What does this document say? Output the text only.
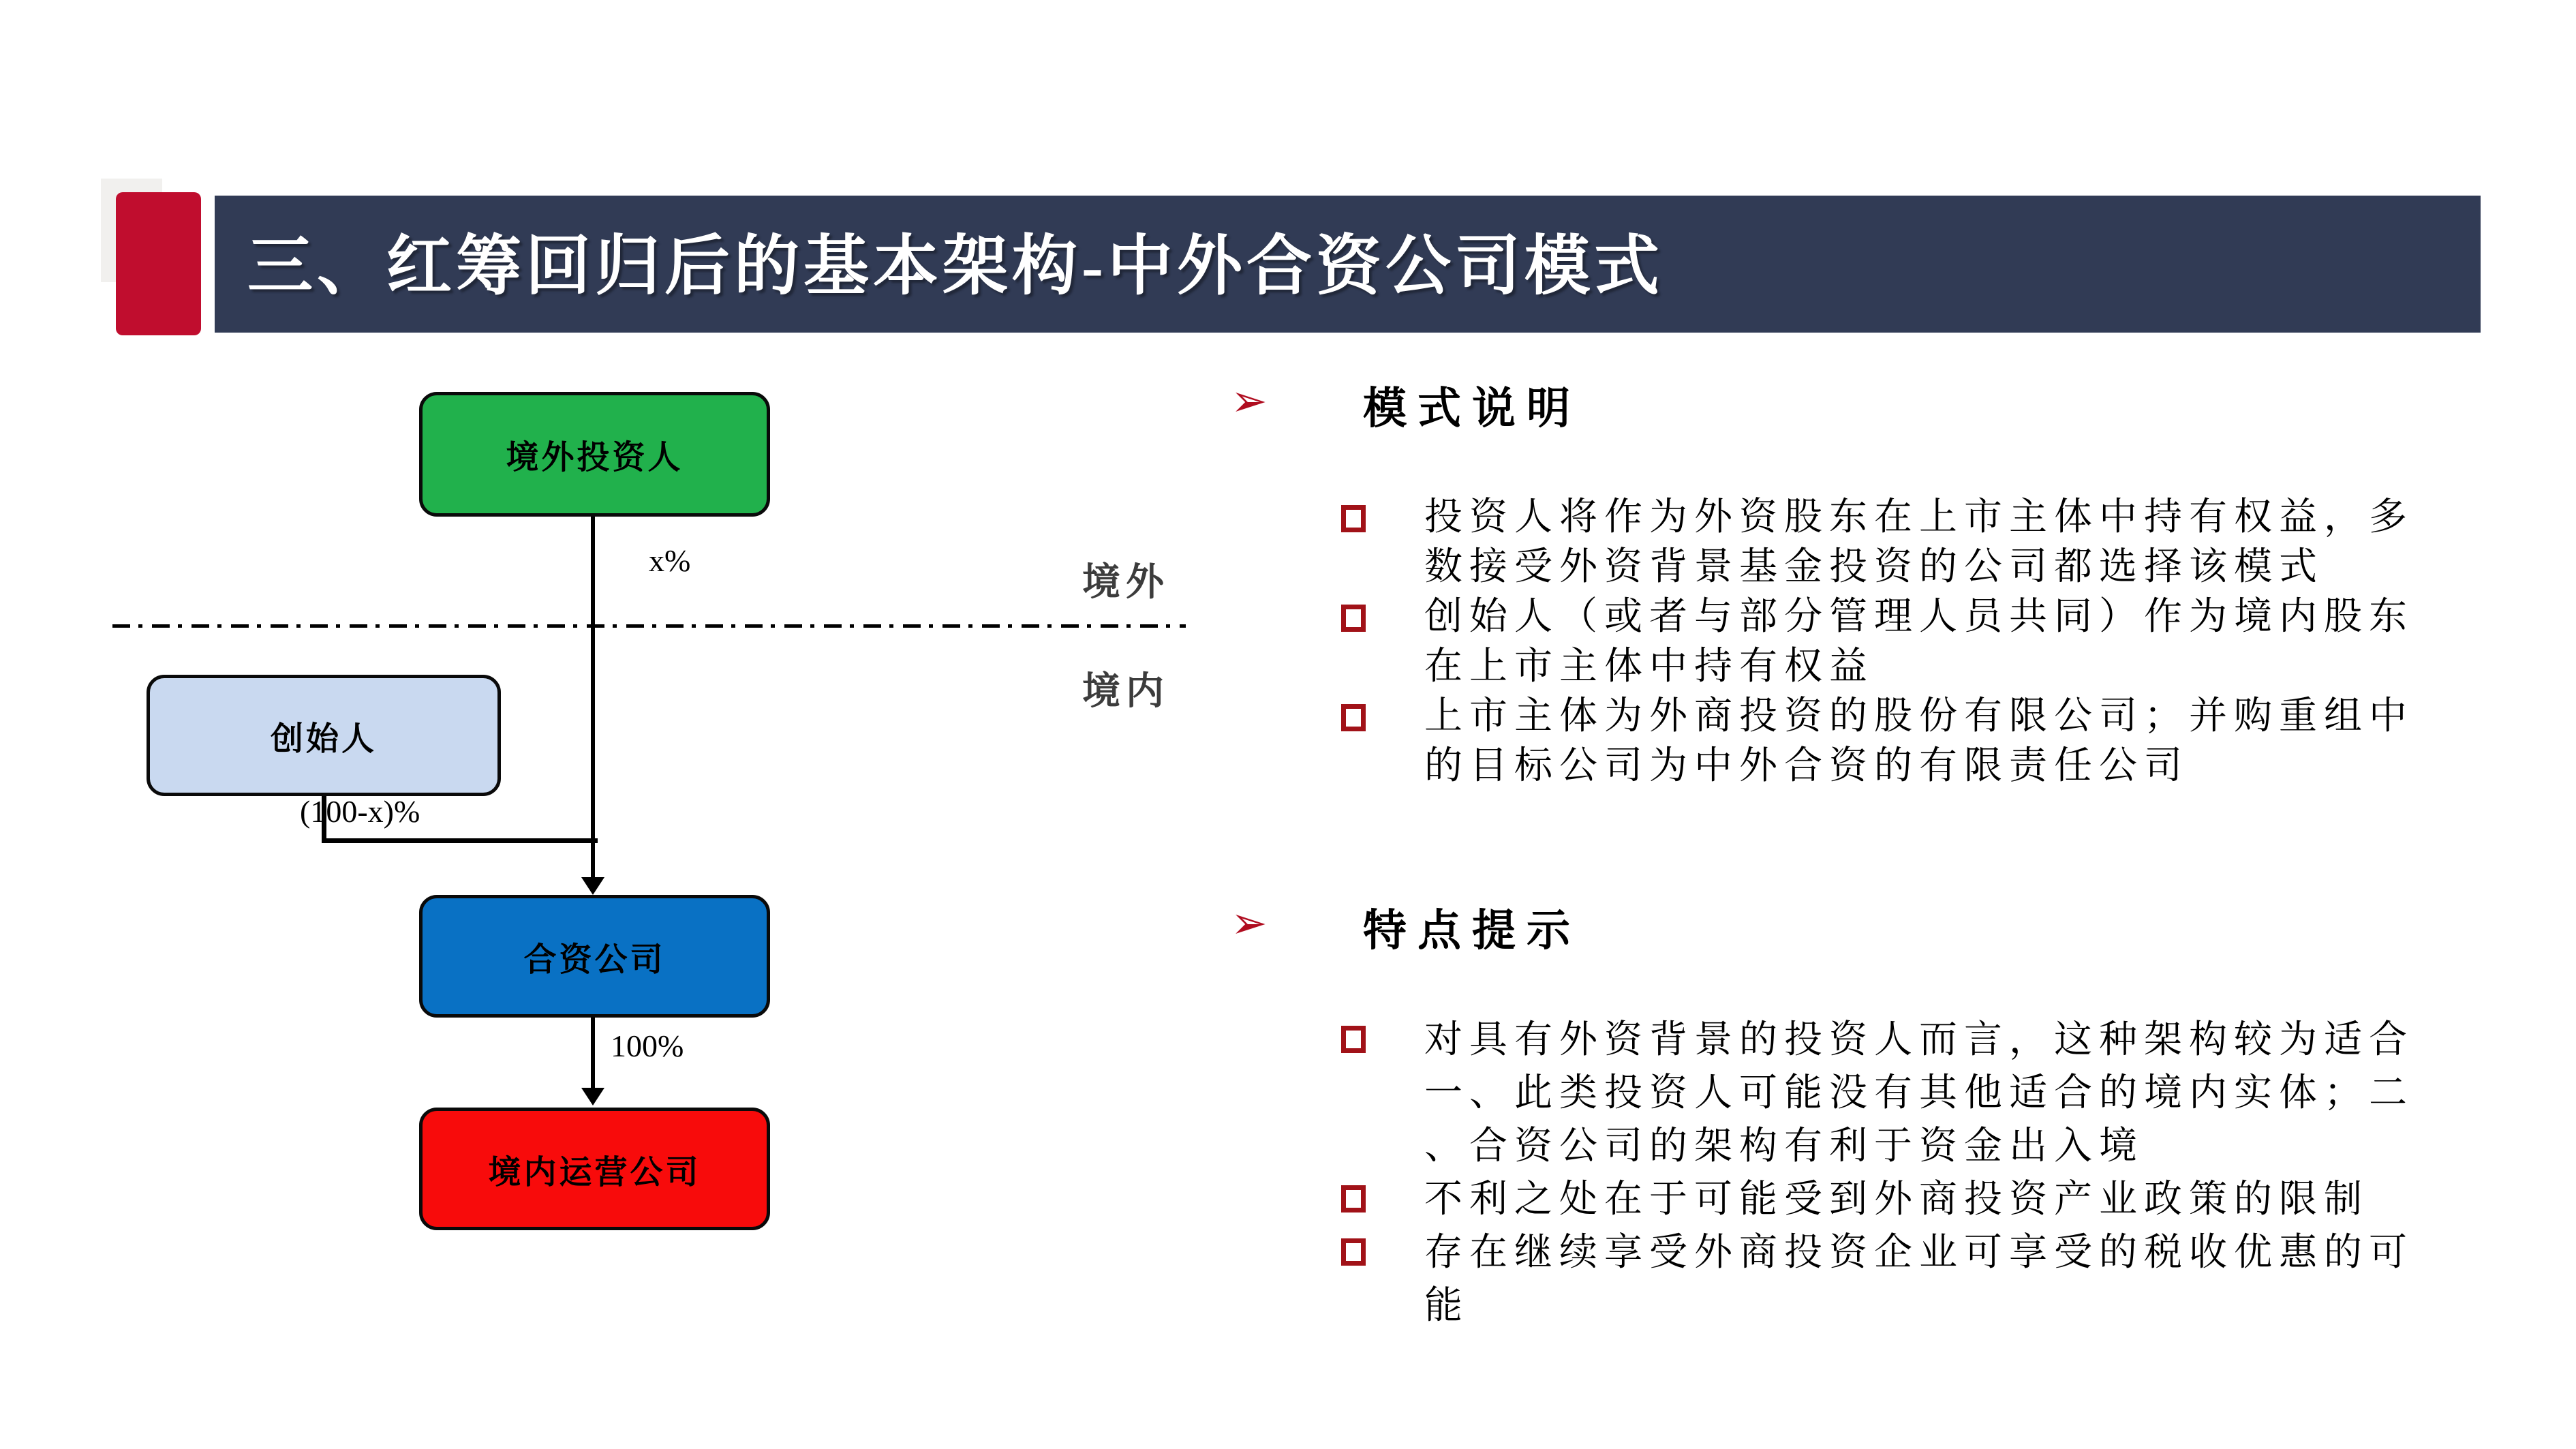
三、红筹回归后的基本架构-中外合资公司模式
境外投资人
x%
境外
境内
创始人
(100-x)%
合资公司
100%
境内运营公司
➢ 模式说明
投资人将作为外资股东在上市主体中持有权益，多
数接受外资背景基金投资的公司都选择该模式
创始人（或者与部分管理人员共同）作为境内股东
在上市主体中持有权益
上市主体为外商投资的股份有限公司；并购重组中
的目标公司为中外合资的有限责任公司
➢ 特点提示
对具有外资背景的投资人而言，这种架构较为适合
一、此类投资人可能没有其他适合的境内实体；二
、合资公司的架构有利于资金出入境
不利之处在于可能受到外商投资产业政策的限制
存在继续享受外商投资企业可享受的税收优惠的可
能
